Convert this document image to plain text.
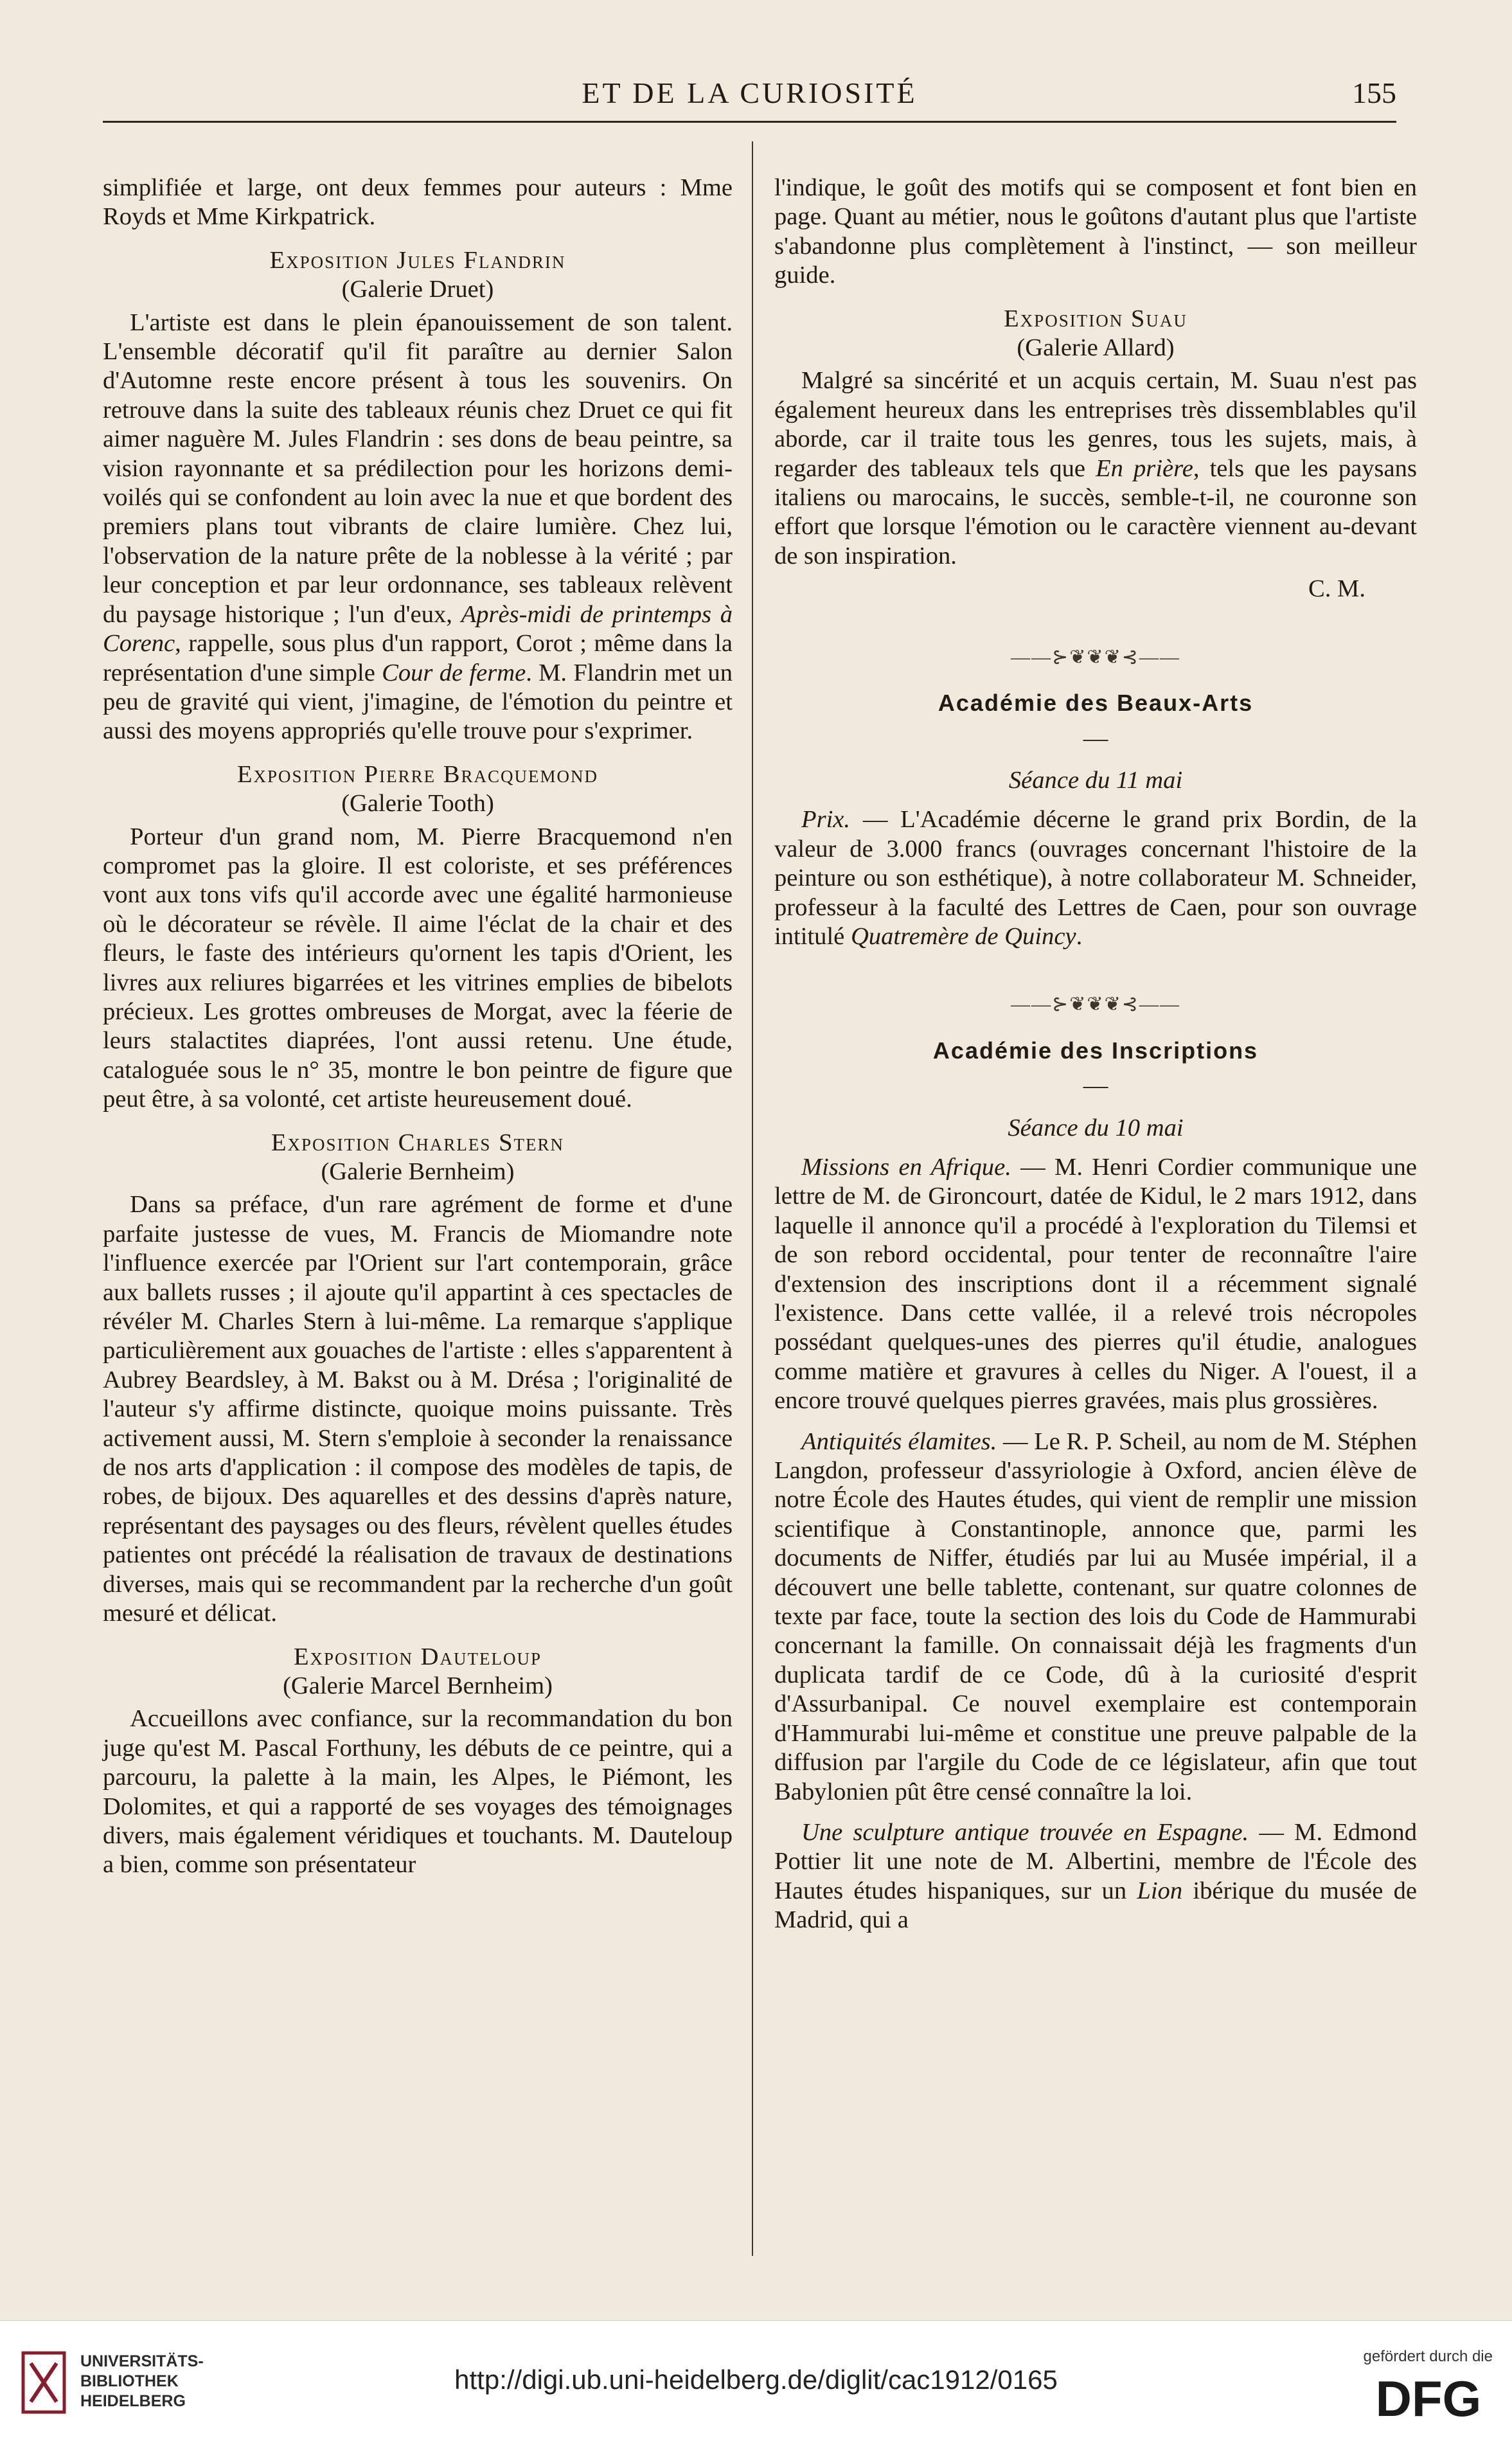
ET DE LA CURIOSITÉ	155

simplifiée et large, ont deux femmes pour auteurs : Mme Royds et Mme Kirkpatrick.

Exposition Jules Flandrin
(Galerie Druet)

L'artiste est dans le plein épanouissement de son talent. L'ensemble décoratif qu'il fit paraître au dernier Salon d'Automne reste encore présent à tous les souvenirs. On retrouve dans la suite des tableaux réunis chez Druet ce qui fit aimer naguère M. Jules Flandrin : ses dons de beau peintre, sa vision rayonnante et sa prédilection pour les horizons demi-voilés qui se confondent au loin avec la nue et que bordent des premiers plans tout vibrants de claire lumière. Chez lui, l'observation de la nature prête de la noblesse à la vérité ; par leur conception et par leur ordonnance, ses tableaux relèvent du paysage historique ; l'un d'eux, Après-midi de printemps à Corenc, rappelle, sous plus d'un rapport, Corot ; même dans la représentation d'une simple Cour de ferme. M. Flandrin met un peu de gravité qui vient, j'imagine, de l'émotion du peintre et aussi des moyens appropriés qu'elle trouve pour s'exprimer.

Exposition Pierre Bracquemond
(Galerie Tooth)

Porteur d'un grand nom, M. Pierre Bracquemond n'en compromet pas la gloire. Il est coloriste, et ses préférences vont aux tons vifs qu'il accorde avec une égalité harmonieuse où le décorateur se révèle. Il aime l'éclat de la chair et des fleurs, le faste des intérieurs qu'ornent les tapis d'Orient, les livres aux reliures bigarrées et les vitrines emplies de bibelots précieux. Les grottes ombreuses de Morgat, avec la féerie de leurs stalactites diaprées, l'ont aussi retenu. Une étude, cataloguée sous le n° 35, montre le bon peintre de figure que peut être, à sa volonté, cet artiste heureusement doué.

Exposition Charles Stern
(Galerie Bernheim)

Dans sa préface, d'un rare agrément de forme et d'une parfaite justesse de vues, M. Francis de Miomandre note l'influence exercée par l'Orient sur l'art contemporain, grâce aux ballets russes ; il ajoute qu'il appartint à ces spectacles de révéler M. Charles Stern à lui-même. La remarque s'applique particulièrement aux gouaches de l'artiste : elles s'apparentent à Aubrey Beardsley, à M. Bakst ou à M. Drésa ; l'originalité de l'auteur s'y affirme distincte, quoique moins puissante. Très activement aussi, M. Stern s'emploie à seconder la renaissance de nos arts d'application : il compose des modèles de tapis, de robes, de bijoux. Des aquarelles et des dessins d'après nature, représentant des paysages ou des fleurs, révèlent quelles études patientes ont précédé la réalisation de travaux de destinations diverses, mais qui se recommandent par la recherche d'un goût mesuré et délicat.

Exposition Dauteloup
(Galerie Marcel Bernheim)

Accueillons avec confiance, sur la recommandation du bon juge qu'est M. Pascal Forthuny, les débuts de ce peintre, qui a parcouru, la palette à la main, les Alpes, le Piémont, les Dolomites, et qui a rapporté de ses voyages des témoignages divers, mais également véridiques et touchants. M. Dauteloup a bien, comme son présentateur

l'indique, le goût des motifs qui se composent et font bien en page. Quant au métier, nous le goûtons d'autant plus que l'artiste s'abandonne plus complètement à l'instinct, — son meilleur guide.

Exposition Suau
(Galerie Allard)

Malgré sa sincérité et un acquis certain, M. Suau n'est pas également heureux dans les entreprises très dissemblables qu'il aborde, car il traite tous les genres, tous les sujets, mais, à regarder des tableaux tels que En prière, tels que les paysans italiens ou marocains, le succès, semble-t-il, ne couronne son effort que lorsque l'émotion ou le caractère viennent au-devant de son inspiration.

C. M.
——⊱❦❦❦⊰——
Académie des Beaux-Arts
—
Séance du 11 mai

Prix. — L'Académie décerne le grand prix Bordin, de la valeur de 3.000 francs (ouvrages concernant l'histoire de la peinture ou son esthétique), à notre collaborateur M. Schneider, professeur à la faculté des Lettres de Caen, pour son ouvrage intitulé Quatremère de Quincy.

——⊱❦❦❦⊰——
Académie des Inscriptions
—
Séance du 10 mai

Missions en Afrique. — M. Henri Cordier communique une lettre de M. de Gironcourt, datée de Kidul, le 2 mars 1912, dans laquelle il annonce qu'il a procédé à l'exploration du Tilemsi et de son rebord occidental, pour tenter de reconnaître l'aire d'extension des inscriptions dont il a récemment signalé l'existence. Dans cette vallée, il a relevé trois nécropoles possédant quelques-unes des pierres qu'il étudie, analogues comme matière et gravures à celles du Niger. A l'ouest, il a encore trouvé quelques pierres gravées, mais plus grossières.

Antiquités élamites. — Le R. P. Scheil, au nom de M. Stéphen Langdon, professeur d'assyriologie à Oxford, ancien élève de notre École des Hautes études, qui vient de remplir une mission scientifique à Constantinople, annonce que, parmi les documents de Niffer, étudiés par lui au Musée impérial, il a découvert une belle tablette, contenant, sur quatre colonnes de texte par face, toute la section des lois du Code de Hammurabi concernant la famille. On connaissait déjà les fragments d'un duplicata tardif de ce Code, dû à la curiosité d'esprit d'Assurbanipal. Ce nouvel exemplaire est contemporain d'Hammurabi lui-même et constitue une preuve palpable de la diffusion par l'argile du Code de ce législateur, afin que tout Babylonien pût être censé connaître la loi.

Une sculpture antique trouvée en Espagne. — M. Edmond Pottier lit une note de M. Albertini, membre de l'École des Hautes études hispaniques, sur un Lion ibérique du musée de Madrid, qui a

UNIVERSITÄTS-
BIBLIOTHEK
HEIDELBERG
http://digi.ub.uni-heidelberg.de/diglit/cac1912/0165
gefördert durch die
DFG
